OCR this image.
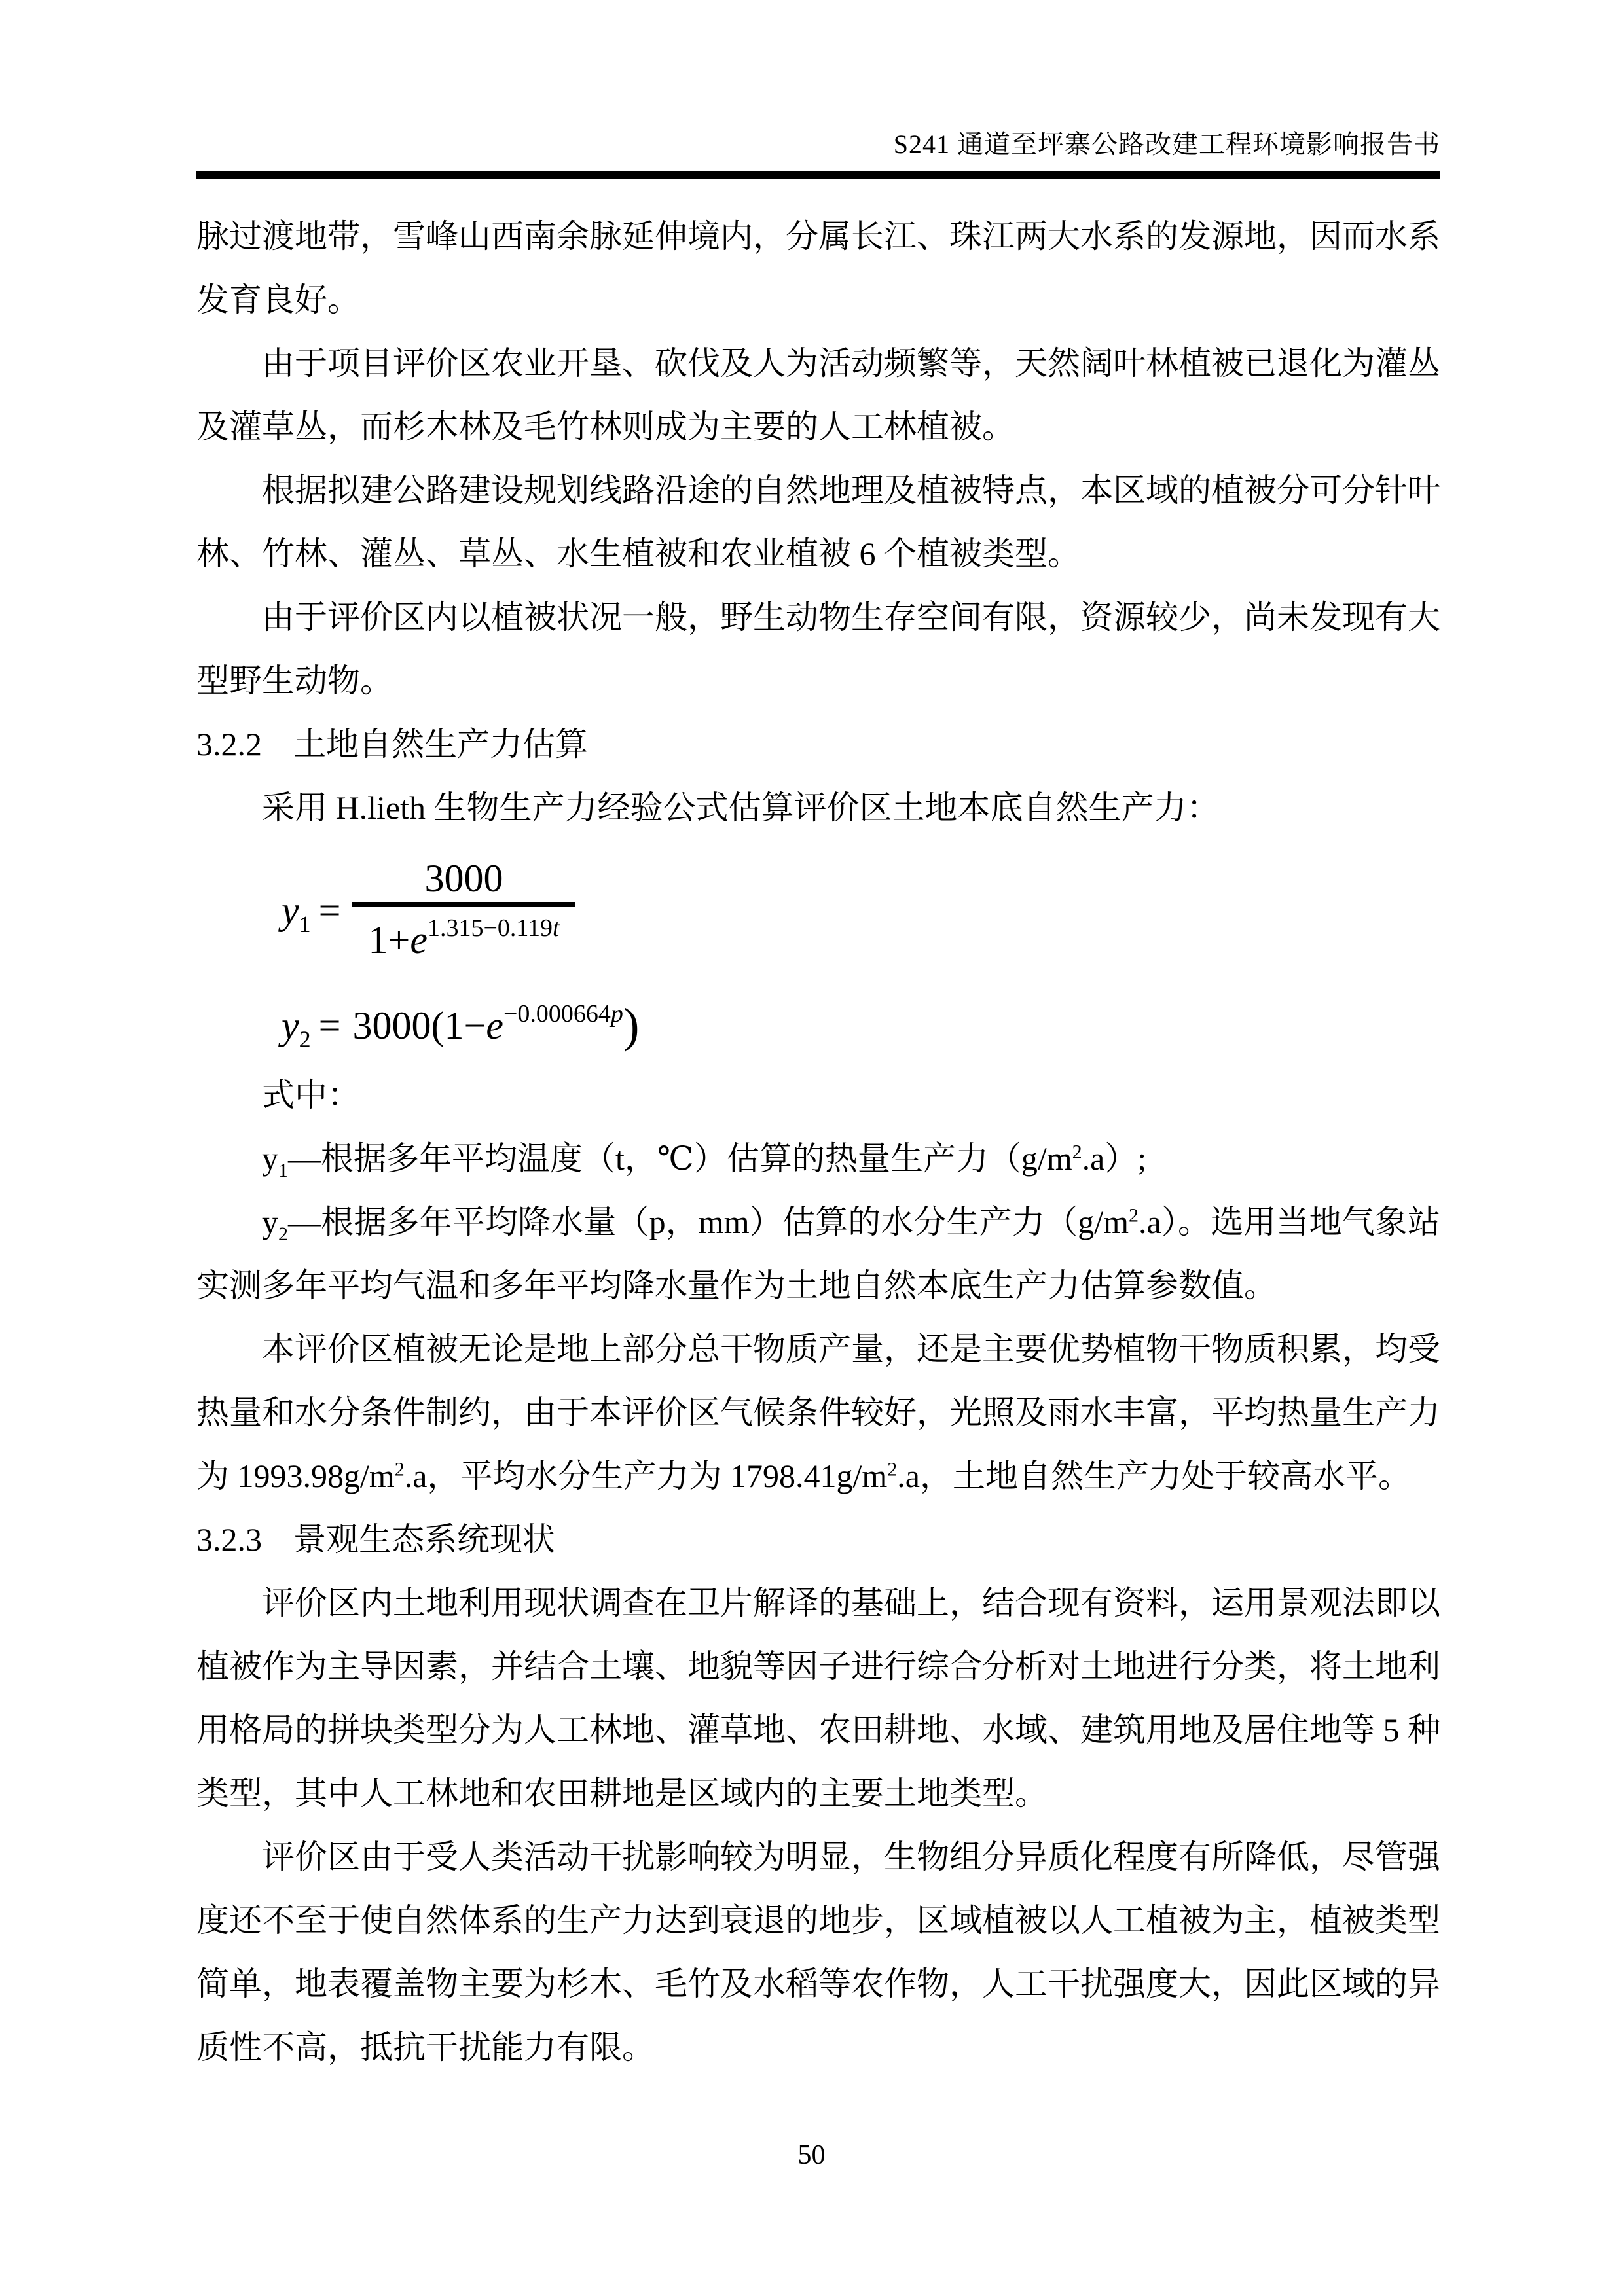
S241 通道至坪寨公路改建工程环境影响报告书

脉过渡地带，雪峰山西南余脉延伸境内，分属长江、珠江两大水系的发源地，因而水系发育良好。

由于项目评价区农业开垦、砍伐及人为活动频繁等，天然阔叶林植被已退化为灌丛及灌草丛，而杉木林及毛竹林则成为主要的人工林植被。

根据拟建公路建设规划线路沿途的自然地理及植被特点，本区域的植被分可分针叶林、竹林、灌丛、草丛、水生植被和农业植被 6 个植被类型。

由于评价区内以植被状况一般，野生动物生存空间有限，资源较少，尚未发现有大型野生动物。

3.2.2 土地自然生产力估算

采用 H.lieth 生物生产力经验公式估算评价区土地本底自然生产力：

$y_1 = \frac{3000}{1+e^{1.315-0.119t}}$
$y_2 = 3000(1-e^{-0.000664p})$

式中：

$y_1—$根据多年平均温度（t，℃）估算的热量生产力$(g/m^2.a)$;

$y_2—$根据多年平均降水量（p，mm）估算的水分生产力$(g/m^2.a)$。选用当地气象站实测多年平均气温和多年平均降水量作为土地自然本底生产力估算参数值。

本评价区植被无论是地上部分总干物质产量，还是主要优势植物干物质积累，均受热量和水分条件制约，由于本评价区气候条件较好，光照及雨水丰富，平均热量生产力为 $1993.98g/m^2.a$，平均水分生产力为 $1798.41g/m^2.a$，土地自然生产力处于较高水平。

3.2.3 景观生态系统现状

评价区内土地利用现状调查在卫片解译的基础上，结合现有资料，运用景观法即以植被作为主导因素，并结合土壤、地貌等因子进行综合分析对土地进行分类，将土地利用格局的拼块类型分为人工林地、灌草地、农田耕地、水域、建筑用地及居住地等 5 种类型，其中人工林地和农田耕地是区域内的主要土地类型。

评价区由于受人类活动干扰影响较为明显，生物组分异质化程度有所降低，尽管强度还不至于使自然体系的生产力达到衰退的地步，区域植被以人工植被为主，植被类型简单，地表覆盖物主要为杉木、毛竹及水稻等农作物，人工干扰强度大，因此区域的异质性不高，抵抗干扰能力有限。

50
